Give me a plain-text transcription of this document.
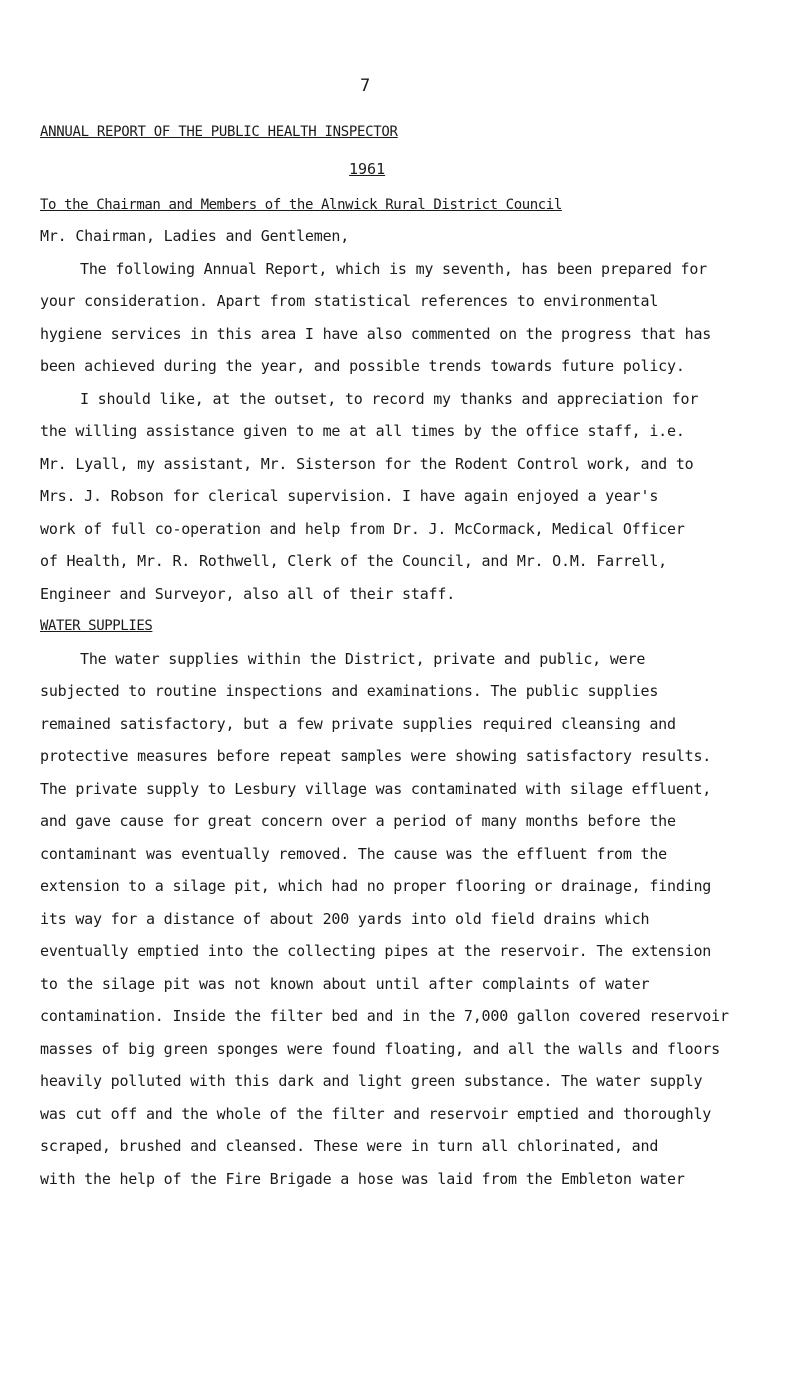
7
ANNUAL REPORT OF THE PUBLIC HEALTH INSPECTOR
1961
To the Chairman and Members of the Alnwick Rural District Council
Mr. Chairman, Ladies and Gentlemen,
The following Annual Report, which is my seventh, has been prepared for
your consideration. Apart from statistical references to environmental
hygiene services in this area I have also commented on the progress that has
been achieved during the year, and possible trends towards future policy.
I should like, at the outset, to record my thanks and appreciation for
the willing assistance given to me at all times by the office staff, i.e.
Mr. Lyall, my assistant, Mr. Sisterson for the Rodent Control work, and to
Mrs. J. Robson for clerical supervision. I have again enjoyed a year's
work of full co-operation and help from Dr. J. McCormack, Medical Officer
of Health, Mr. R. Rothwell, Clerk of the Council, and Mr. O.M. Farrell,
Engineer and Surveyor, also all of their staff.
WATER SUPPLIES
The water supplies within the District, private and public, were
subjected to routine inspections and examinations. The public supplies
remained satisfactory, but a few private supplies required cleansing and
protective measures before repeat samples were showing satisfactory results.
The private supply to Lesbury village was contaminated with silage effluent,
and gave cause for great concern over a period of many months before the
contaminant was eventually removed. The cause was the effluent from the
extension to a silage pit, which had no proper flooring or drainage, finding
its way for a distance of about 200 yards into old field drains which
eventually emptied into the collecting pipes at the reservoir. The extension
to the silage pit was not known about until after complaints of water
contamination. Inside the filter bed and in the 7,000 gallon covered reservoir
masses of big green sponges were found floating, and all the walls and floors
heavily polluted with this dark and light green substance. The water supply
was cut off and the whole of the filter and reservoir emptied and thoroughly
scraped, brushed and cleansed. These were in turn all chlorinated, and
with the help of the Fire Brigade a hose was laid from the Embleton water
